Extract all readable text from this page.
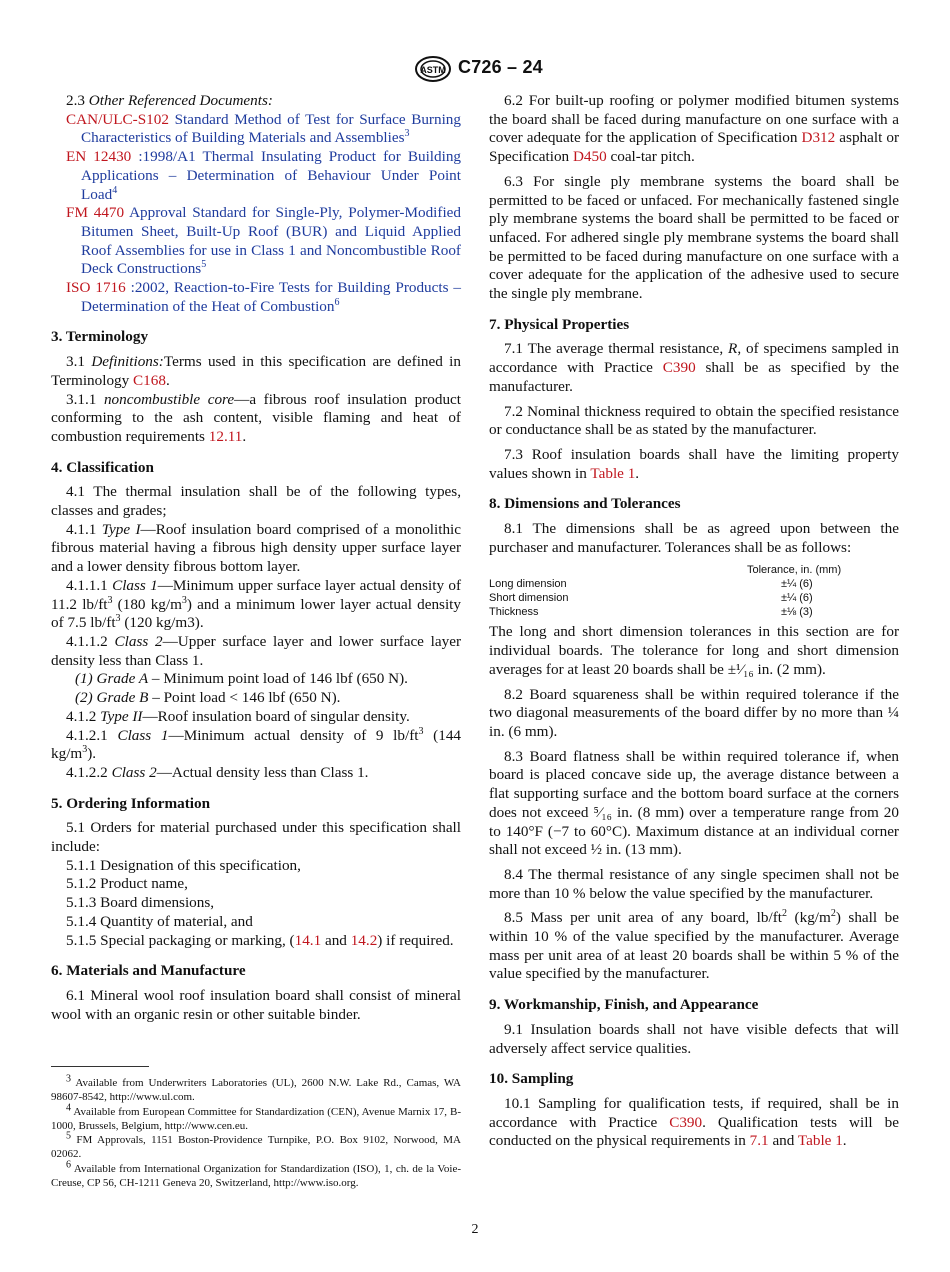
ASTM C726 – 24

2.3 Other Referenced Documents:

CAN/ULC-S102 Standard Method of Test for Surface Burning Characteristics of Building Materials and Assemblies$^3$

EN 12430 :1998/A1 Thermal Insulating Product for Building Applications – Determination of Behaviour Under Point Load$^4$

FM 4470 Approval Standard for Single-Ply, Polymer-Modified Bitumen Sheet, Built-Up Roof (BUR) and Liquid Applied Roof Assemblies for use in Class 1 and Noncombustible Roof Deck Constructions$^5$

ISO 1716 :2002, Reaction-to-Fire Tests for Building Products – Determination of the Heat of Combustion$^6$

3. Terminology

3.1 Definitions:Terms used in this specification are defined in Terminology C168.

3.1.1 noncombustible core—a fibrous roof insulation product conforming to the ash content, visible flaming and heat of combustion requirements 12.11.

4. Classification

4.1 The thermal insulation shall be of the following types, classes and grades;

4.1.1 Type I—Roof insulation board comprised of a monolithic fibrous material having a fibrous high density upper surface layer and a lower density fibrous bottom layer.

4.1.1.1 Class 1—Minimum upper surface layer actual density of 11.2 $lb/ft^3$ (180 $kg/m^3$) and a minimum lower layer actual density of 7.5 $lb/ft^3$ (120 kg/m3).

4.1.1.2 Class 2—Upper surface layer and lower surface layer density less than Class 1.

(1) Grade A – Minimum point load of 146 lbf (650 N).

(2) Grade B – Point load < 146 lbf (650 N).

4.1.2 Type II—Roof insulation board of singular density.

4.1.2.1 Class 1—Minimum actual density of 9 $lb/ft^3$ (144 $kg/m^3$).

4.1.2.2 Class 2—Actual density less than Class 1.

5. Ordering Information

5.1 Orders for material purchased under this specification shall include:

5.1.1 Designation of this specification,

5.1.2 Product name,

5.1.3 Board dimensions,

5.1.4 Quantity of material, and

5.1.5 Special packaging or marking, (14.1 and 14.2) if required.

6. Materials and Manufacture

6.1 Mineral wool roof insulation board shall consist of mineral wool with an organic resin or other suitable binder.

$^3$ Available from Underwriters Laboratories (UL), 2600 N.W. Lake Rd., Camas, WA 98607-8542, http://www.ul.com.

$^4$ Available from European Committee for Standardization (CEN), Avenue Marnix 17, B-1000, Brussels, Belgium, http://www.cen.eu.

$^5$ FM Approvals, 1151 Boston-Providence Turnpike, P.O. Box 9102, Norwood, MA 02062.

$^6$ Available from International Organization for Standardization (ISO), 1, ch. de la Voie-Creuse, CP 56, CH-1211 Geneva 20, Switzerland, http://www.iso.org.

6.2 For built-up roofing or polymer modified bitumen systems the board shall be faced during manufacture on one surface with a cover adequate for the application of Specification D312 asphalt or Specification D450 coal-tar pitch.

6.3 For single ply membrane systems the board shall be permitted to be faced or unfaced. For mechanically fastened single ply membrane systems the board shall be permitted to be faced or unfaced. For adhered single ply membrane systems the board shall be permitted to be faced during manufacture on one surface with a cover adequate for the application of the adhesive used to secure the single ply membrane.

7. Physical Properties

7.1 The average thermal resistance, R, of specimens sampled in accordance with Practice C390 shall be as specified by the manufacturer.

7.2 Nominal thickness required to obtain the specified resistance or conductance shall be as stated by the manufacturer.

7.3 Roof insulation boards shall have the limiting property values shown in Table 1.

8. Dimensions and Tolerances

8.1 The dimensions shall be as agreed upon between the purchaser and manufacturer. Tolerances shall be as follows:

Tolerance, in. (mm)
Long dimension	±¼ (6)
Short dimension	±¼ (6)
Thickness	±⅛ (3)

The long and short dimension tolerances in this section are for individual boards. The tolerance for long and short dimension averages for at least 20 boards shall be ±¹⁄₁₆ in. (2 mm).

8.2 Board squareness shall be within required tolerance if the two diagonal measurements of the board differ by no more than ¼ in. (6 mm).

8.3 Board flatness shall be within required tolerance if, when board is placed concave side up, the average distance between a flat supporting surface and the bottom board surface at the corners does not exceed ⁵⁄₁₆ in. (8 mm) over a temperature range from 20 to 140°F (−7 to 60°C). Maximum distance at an individual corner shall not exceed ½ in. (13 mm).

8.4 The thermal resistance of any single specimen shall not be more than 10 % below the value specified by the manufacturer.

8.5 Mass per unit area of any board, $lb/ft^2$ $(kg/m^2)$ shall be within 10 % of the value specified by the manufacturer. Average mass per unit area of at least 20 boards shall be within 5 % of the value specified by the manufacturer.

9. Workmanship, Finish, and Appearance

9.1 Insulation boards shall not have visible defects that will adversely affect service qualities.

10. Sampling

10.1 Sampling for qualification tests, if required, shall be in accordance with Practice C390. Qualification tests will be conducted on the physical requirements in 7.1 and Table 1.

2
